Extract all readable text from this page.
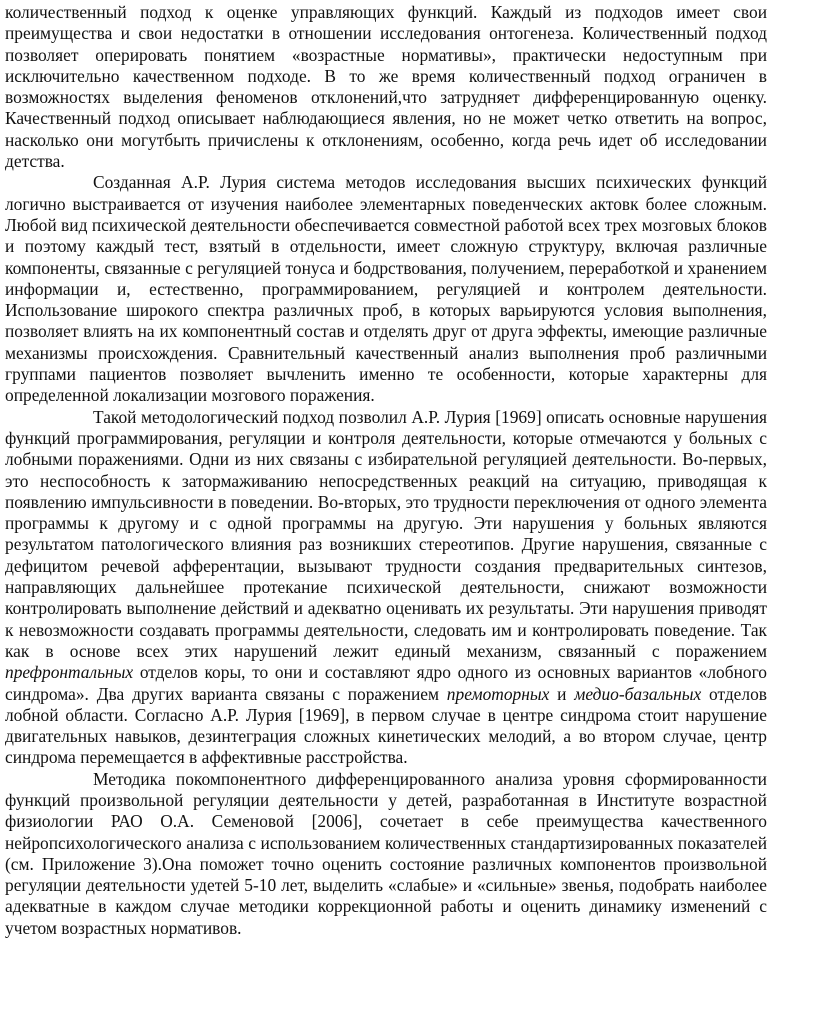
количественный подход к оценке управляющих функций. Каждый из подходов имеет свои преимущества и свои недостатки в отношении исследования онтогенеза. Количественный подход позволяет оперировать понятием «возрастные нормативы», практически недоступным при исключительно качественном подходе. В то же время количественный подход ограничен в возможностях выделения феноменов отклонений,что затрудняет дифференцированную оценку. Качественный подход описывает наблюдающиеся явления, но не может четко ответить на вопрос, насколько они могутбыть причислены к отклонениям, особенно, когда речь идет об исследовании детства.

Созданная А.Р. Лурия система методов исследования высших психических функций логично выстраивается от изучения наиболее элементарных поведенческих актовк более сложным. Любой вид психической деятельности обеспечивается совместной работой всех трех мозговых блоков и поэтому каждый тест, взятый в отдельности, имеет сложную структуру, включая различные компоненты, связанные с регуляцией тонуса и бодрствования, получением, переработкой и хранением информации и, естественно, программированием, регуляцией и контролем деятельности. Использование широкого спектра различных проб, в которых варьируются условия выполнения, позволяет влиять на их компонентный состав и отделять друг от друга эффекты, имеющие различные механизмы происхождения. Сравнительный качественный анализ выполнения проб различными группами пациентов позволяет вычленить именно те особенности, которые характерны для определенной локализации мозгового поражения.

Такой методологический подход позволил А.Р. Лурия [1969] описать основные нарушения функций программирования, регуляции и контроля деятельности, которые отмечаются у больных с лобными поражениями. Одни из них связаны с избирательной регуляцией деятельности. Во-первых, это неспособность к затормаживанию непосредственных реакций на ситуацию, приводящая к появлению импульсивности в поведении. Во-вторых, это трудности переключения от одного элемента программы к другому и с одной программы на другую. Эти нарушения у больных являются результатом патологического влияния раз возникших стереотипов. Другие нарушения, связанные с дефицитом речевой афферентации, вызывают трудности создания предварительных синтезов, направляющих дальнейшее протекание психической деятельности, снижают возможности контролировать выполнение действий и адекватно оценивать их результаты. Эти нарушения приводят к невозможности создавать программы деятельности, следовать им и контролировать поведение. Так как в основе всех этих нарушений лежит единый механизм, связанный с поражением префронтальных отделов коры, то они и составляют ядро одного из основных вариантов «лобного синдрома». Два других варианта связаны с поражением премоторных и медио-базальных отделов лобной области. Согласно А.Р. Лурия [1969], в первом случае в центре синдрома стоит нарушение двигательных навыков, дезинтеграция сложных кинетических мелодий, а во втором случае, центр синдрома перемещается в аффективные расстройства.

Методика покомпонентного дифференцированного анализа уровня сформированности функций произвольной регуляции деятельности у детей, разработанная в Институте возрастной физиологии РАО О.А. Семеновой [2006], сочетает в себе преимущества качественного нейропсихологического анализа с использованием количественных стандартизированных показателей (см. Приложение 3).Она поможет точно оценить состояние различных компонентов произвольной регуляции деятельности удетей 5-10 лет, выделить «слабые» и «сильные» звенья, подобрать наиболее адекватные в каждом случае методики коррекционной работы и оценить динамику изменений с учетом возрастных нормативов.
